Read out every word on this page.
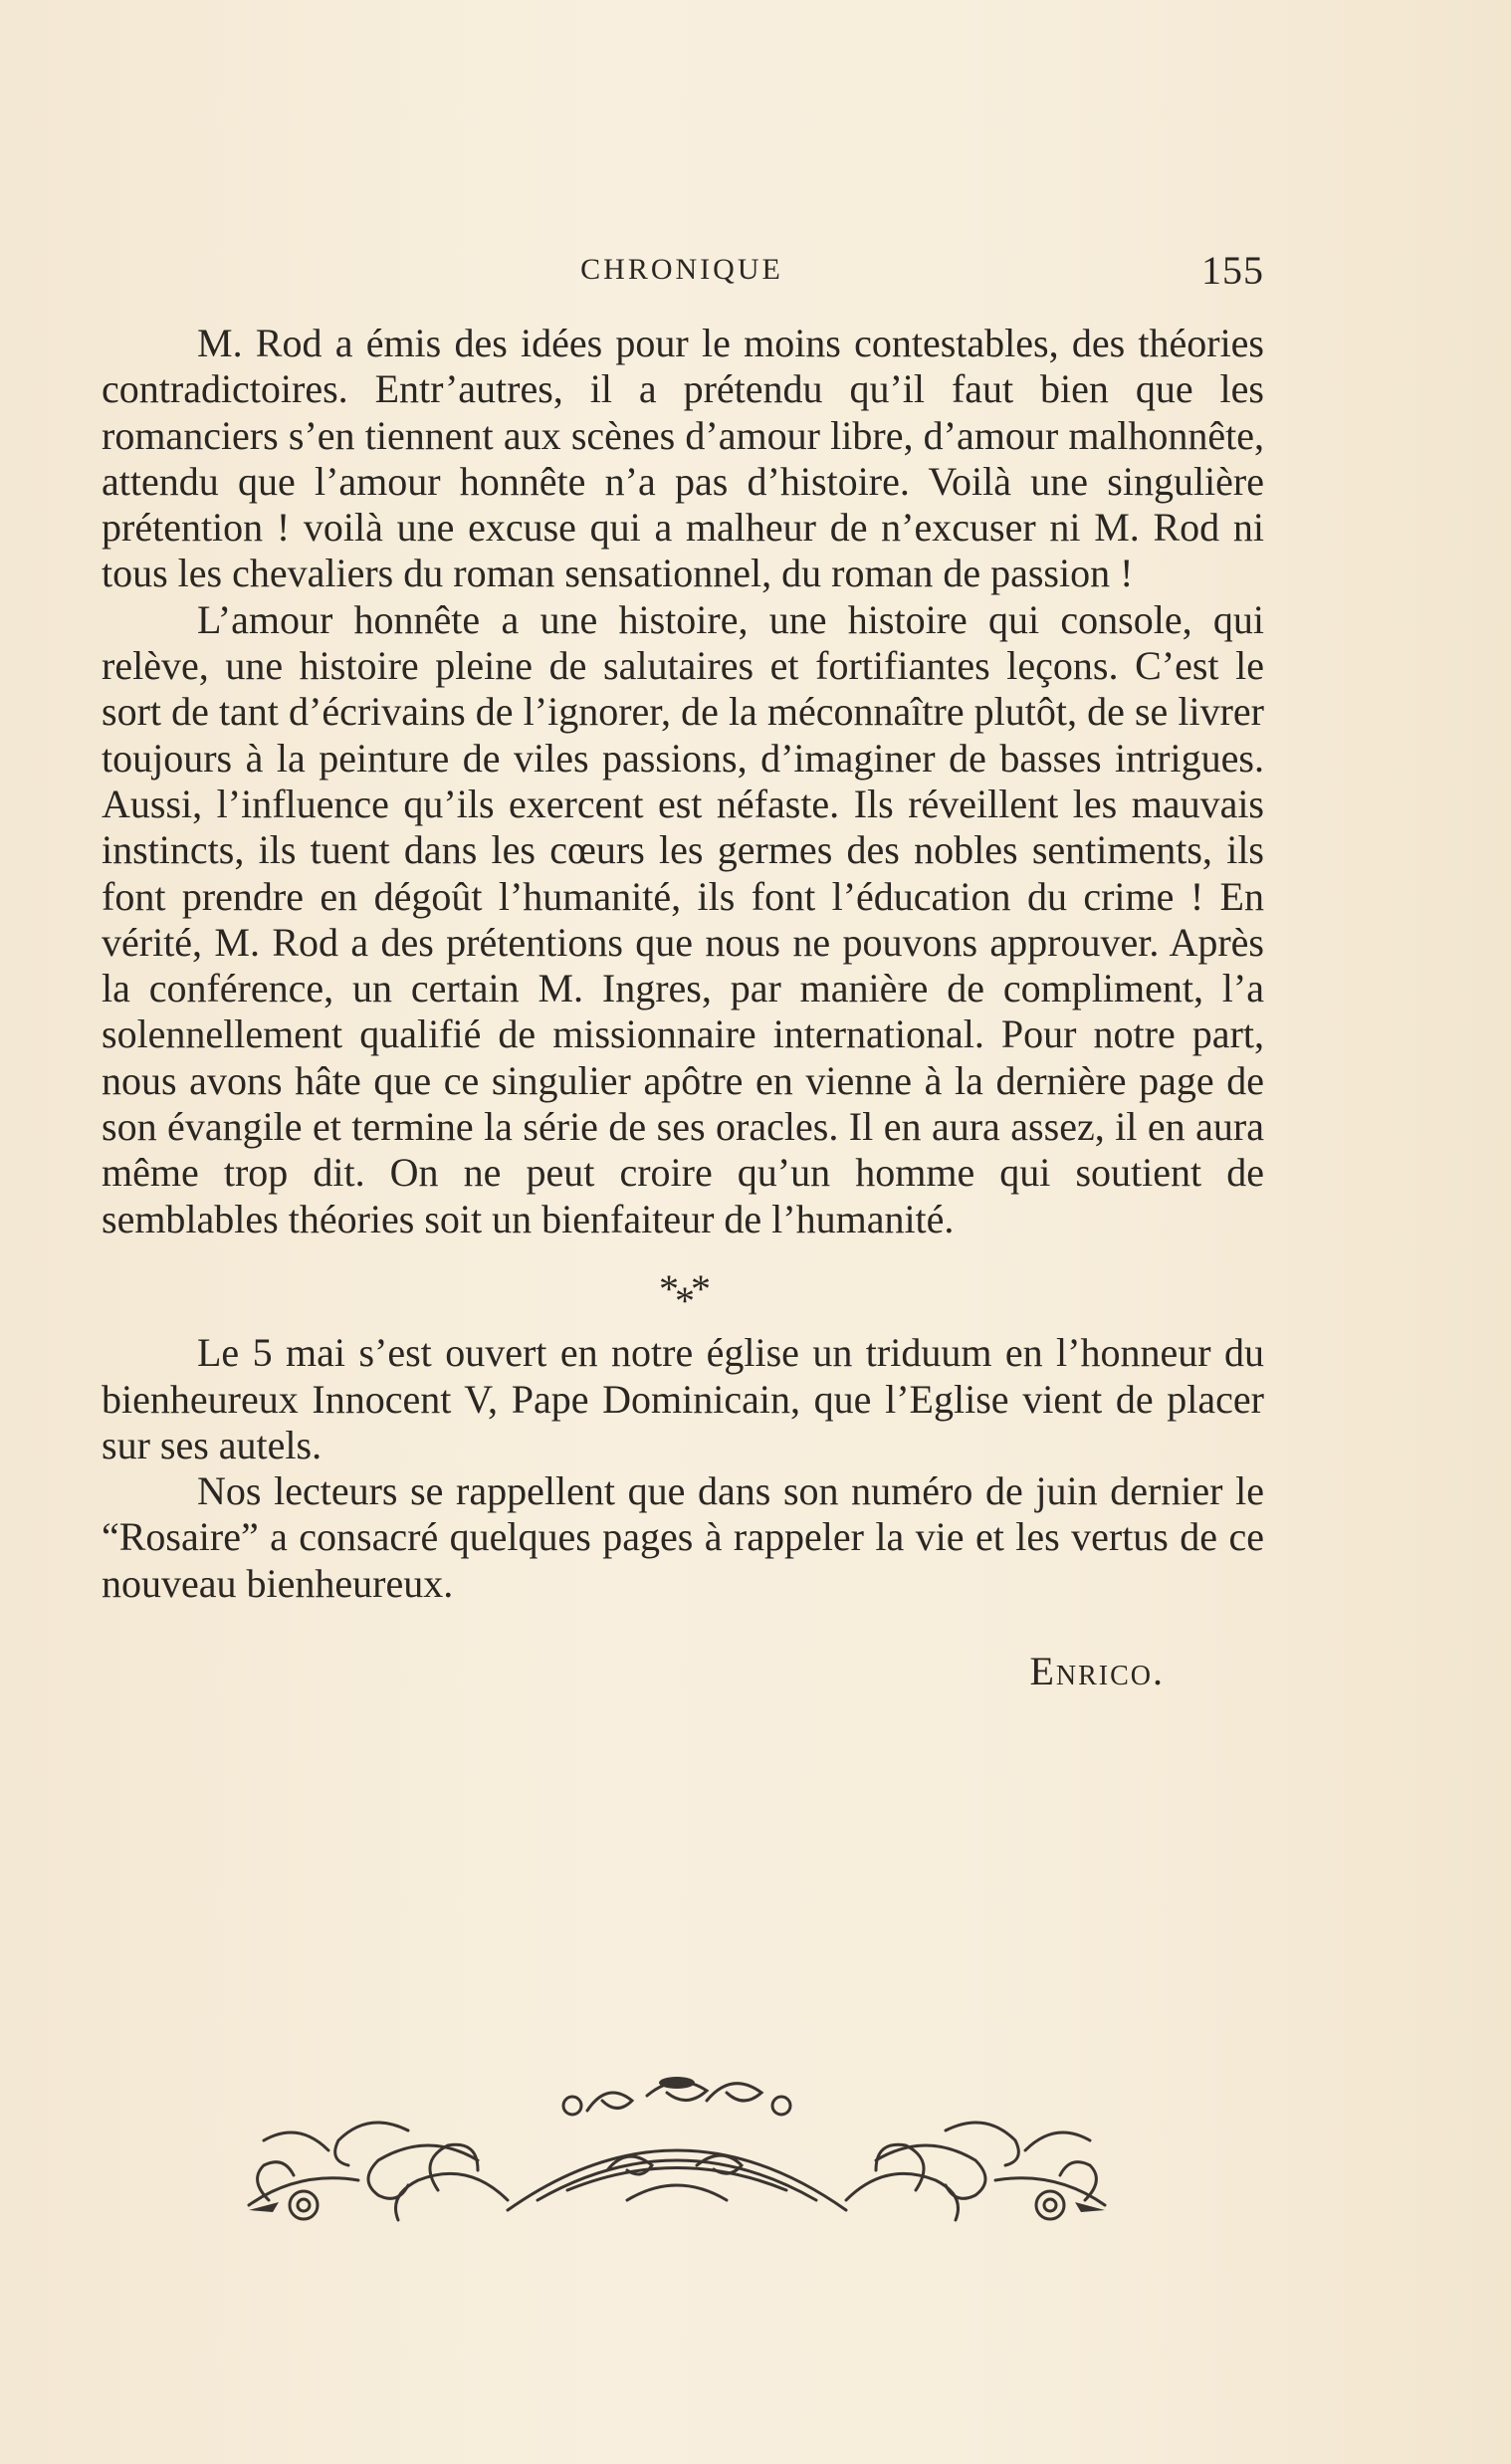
CHRONIQUE	155

M. Rod a émis des idées pour le moins contestables, des théories contradictoires. Entr’autres, il a prétendu qu’il faut bien que les romanciers s’en tiennent aux scènes d’amour libre, d’amour malhonnête, attendu que l’amour honnête n’a pas d’histoire. Voilà une singulière prétention ! voilà une excuse qui a malheur de n’excuser ni M. Rod ni tous les chevaliers du roman sensationnel, du roman de passion !

L’amour honnête a une histoire, une histoire qui console, qui relève, une histoire pleine de salutaires et fortifiantes leçons. C’est le sort de tant d’écrivains de l’ignorer, de la méconnaître plutôt, de se livrer toujours à la peinture de viles passions, d’imaginer de basses intrigues. Aussi, l’influence qu’ils exercent est néfaste. Ils réveillent les mauvais instincts, ils tuent dans les cœurs les germes des nobles sentiments, ils font prendre en dégoût l’humanité, ils font l’éducation du crime ! En vérité, M. Rod a des prétentions que nous ne pouvons approuver. Après la conférence, un certain M. Ingres, par manière de compliment, l’a solennellement qualifié de missionnaire international. Pour notre part, nous avons hâte que ce singulier apôtre en vienne à la dernière page de son évangile et termine la série de ses oracles. Il en aura assez, il en aura même trop dit. On ne peut croire qu’un homme qui soutient de semblables théories soit un bienfaiteur de l’humanité.

***

Le 5 mai s’est ouvert en notre église un triduum en l’honneur du bienheureux Innocent V, Pape Dominicain, que l’Eglise vient de placer sur ses autels.

Nos lecteurs se rappellent que dans son numéro de juin dernier le “Rosaire” a consacré quelques pages à rappeler la vie et les vertus de ce nouveau bienheureux.

Enrico.
